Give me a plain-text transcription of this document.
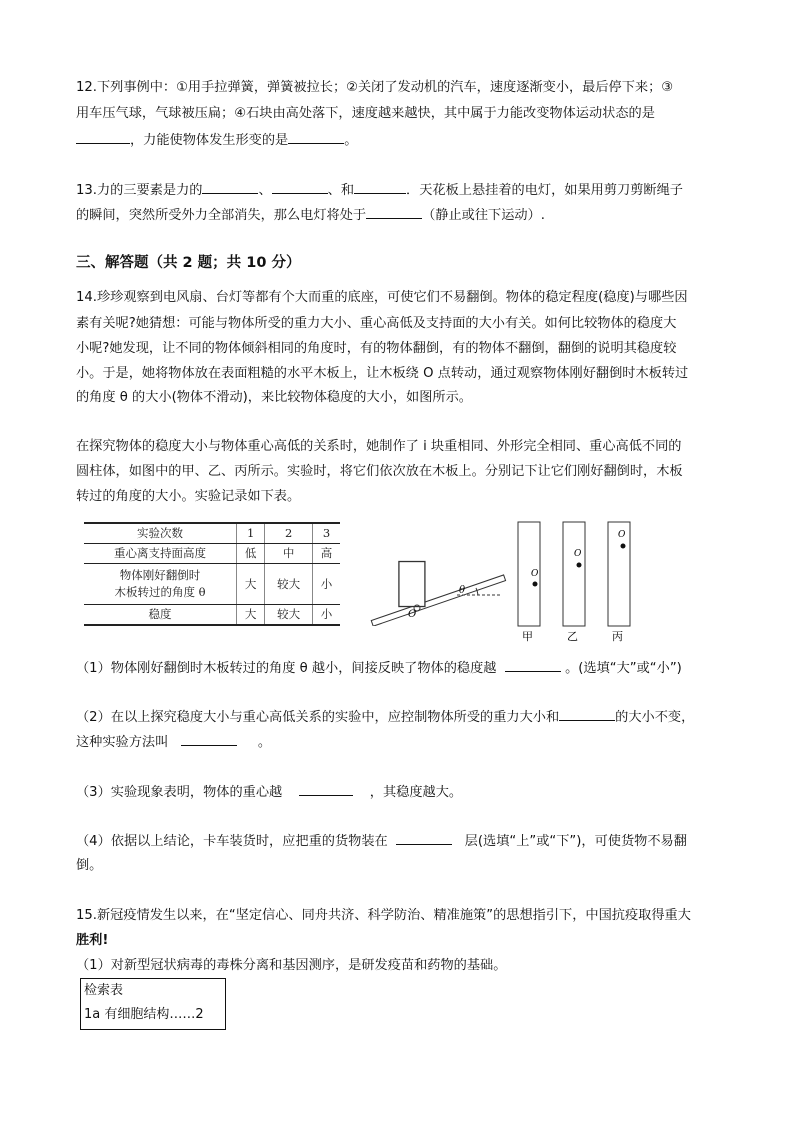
12.下列事例中：①用手拉弹簧，弹簧被拉长；②关闭了发动机的汽车，速度逐渐变小，最后停下来；③

用车压气球，气球被压扁；④石块由高处落下，速度越来越快，其中属于力能改变物体运动状态的是

，力能使物体发生形变的是	。

13.力的三要素是力的	、	、和	．天花板上悬挂着的电灯，如果用剪刀剪断绳子

的瞬间，突然所受外力全部消失，那么电灯将处于	（静止或往下运动）.

三、解答题（共 2 题；共 10 分）

14.珍珍观察到电风扇、台灯等都有个大而重的底座，可使它们不易翻倒。物体的稳定程度(稳度)与哪些因

素有关呢?她猜想：可能与物体所受的重力大小、重心高低及支持面的大小有关。如何比较物体的稳度大

小呢?她发现，让不同的物体倾斜相同的角度时，有的物体翻倒，有的物体不翻倒，翻倒的说明其稳度较

小。于是，她将物体放在表面粗糙的水平木板上，让木板绕 O 点转动，通过观察物体刚好翻倒时木板转过

的角度 θ 的大小(物体不滑动)，来比较物体稳度的大小，如图所示。

在探究物体的稳度大小与物体重心高低的关系时，她制作了 i 块重相同、外形完全相同、重心高低不同的

圆柱体，如图中的甲、乙、丙所示。实验时，将它们依次放在木板上。分别记下让它们刚好翻倒时，木板

转过的角度的大小。实验记录如下表。

实验次数	1	2	3
重心离支持面高度	低	中	高
物体刚好翻倒时
木板转过的角度 θ	大	较大	小
稳度	大	较大	小	O
θ
O
O
O
甲	乙	丙

（1）物体刚好翻倒时木板转过的角度 θ 越小，间接反映了物体的稳度越	。(选填“大”或“小”)

（2）在以上探究稳度大小与重心高低关系的实验中，应控制物体所受的重力大小和	的大小不变，

这种实验方法叫	。

（3）实验现象表明，物体的重心越	，其稳度越大。

（4）依据以上结论，卡车装货时，应把重的货物装在	层(选填“上”或“下”)，可使货物不易翻

倒。

15.新冠疫情发生以来，在“坚定信心、同舟共济、科学防治、精准施策”的思想指引下，中国抗疫取得重大

胜利!

（1）对新型冠状病毒的毒株分离和基因测序，是研发疫苗和药物的基础。

检索表
1a 有细胞结构……2
